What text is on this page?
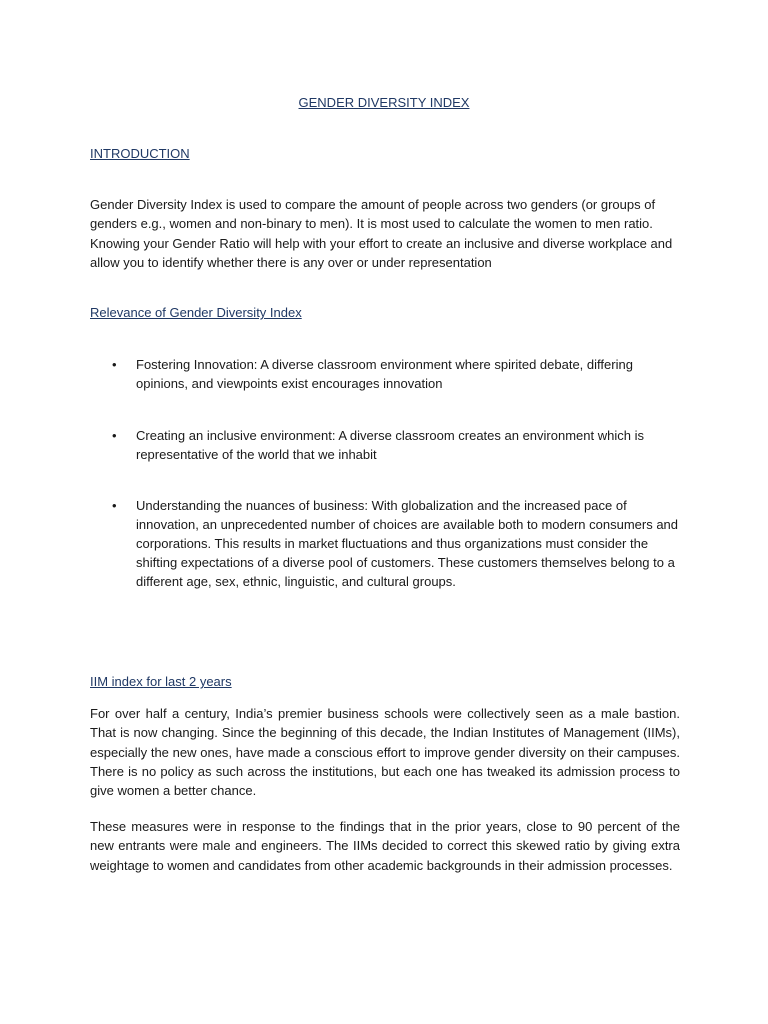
GENDER DIVERSITY INDEX
INTRODUCTION
Gender Diversity Index is used to compare the amount of people across two genders (or groups of genders e.g., women and non-binary to men). It is most used to calculate the women to men ratio. Knowing your Gender Ratio will help with your effort to create an inclusive and diverse workplace and allow you to identify whether there is any over or under representation
Relevance of Gender Diversity Index
•	Fostering Innovation: A diverse classroom environment where spirited debate, differing opinions, and viewpoints exist encourages innovation
•	Creating an inclusive environment: A diverse classroom creates an environment which is representative of the world that we inhabit
•	Understanding the nuances of business: With globalization and the increased pace of innovation, an unprecedented number of choices are available both to modern consumers and corporations. This results in market fluctuations and thus organizations must consider the shifting expectations of a diverse pool of customers. These customers themselves belong to a different age, sex, ethnic, linguistic, and cultural groups.
IIM index for last 2 years
For over half a century, India’s premier business schools were collectively seen as a male bastion. That is now changing. Since the beginning of this decade, the Indian Institutes of Management (IIMs), especially the new ones, have made a conscious effort to improve gender diversity on their campuses. There is no policy as such across the institutions, but each one has tweaked its admission process to give women a better chance.
These measures were in response to the findings that in the prior years, close to 90 percent of the new entrants were male and engineers. The IIMs decided to correct this skewed ratio by giving extra weightage to women and candidates from other academic backgrounds in their admission processes.
